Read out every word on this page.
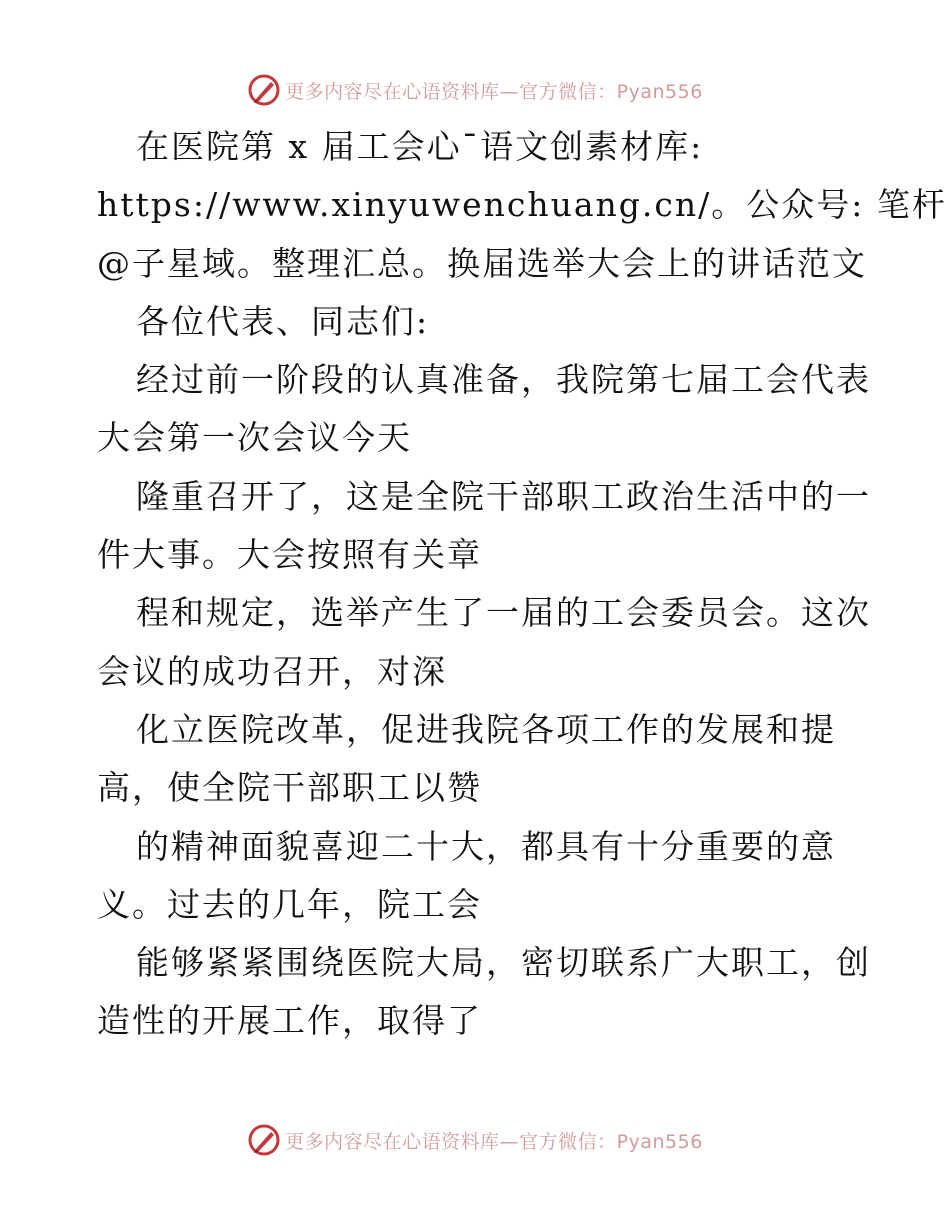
更多内容尽在心语资料库—官方微信：Pyan556
在医院第 x 届工会心¯语文创素材库:
https://www.xinyuwenchuang.cn/。公众号: 笔杆
@子星域。整理汇总。换届选举大会上的讲话范文
各位代表、同志们:
经过前一阶段的认真准备，我院第七届工会代表
大会第一次会议今天
隆重召开了，这是全院干部职工政治生活中的一
件大事。大会按照有关章
程和规定，选举产生了一届的工会委员会。这次
会议的成功召开，对深
化立医院改革，促进我院各项工作的发展和提
高，使全院干部职工以赞
的精神面貌喜迎二十大，都具有十分重要的意
义。过去的几年，院工会
能够紧紧围绕医院大局，密切联系广大职工，创
造性的开展工作，取得了
更多内容尽在心语资料库—官方微信：Pyan556
